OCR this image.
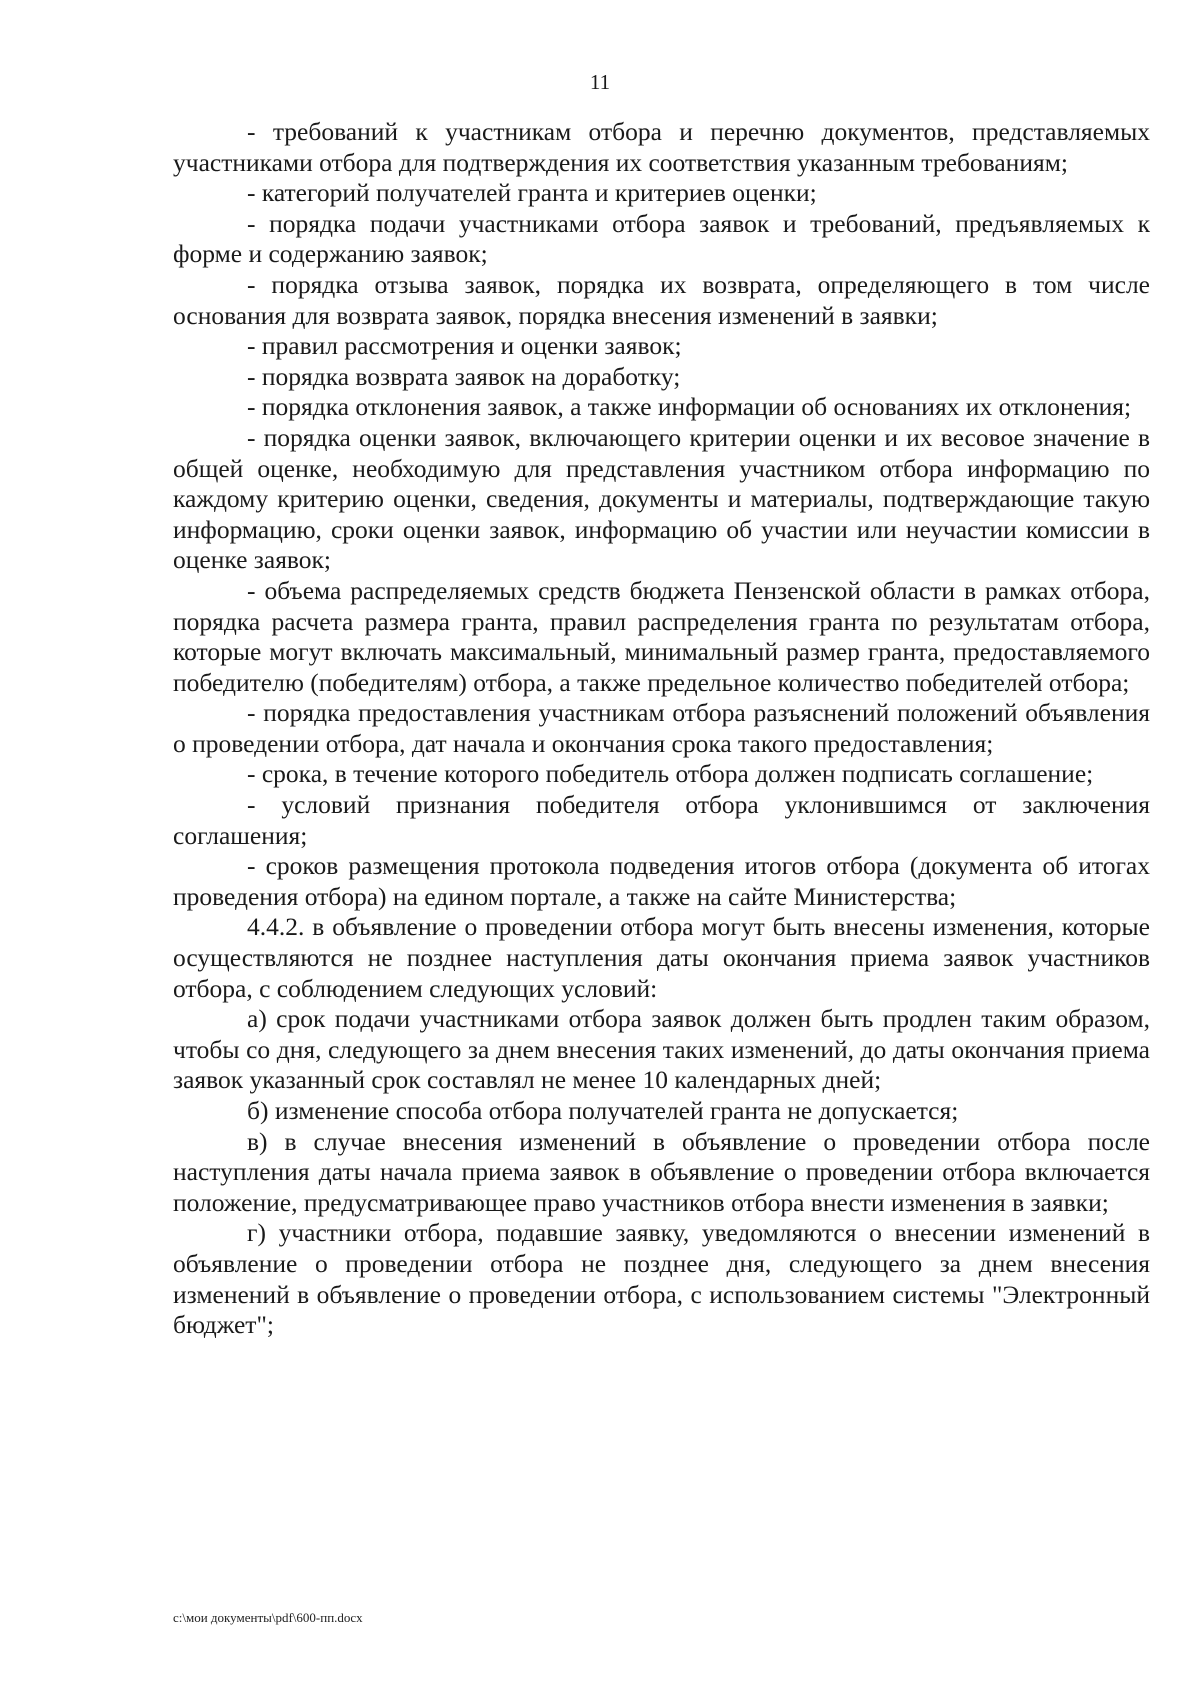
11

- требований к участникам отбора и перечню документов, представляемых участниками отбора для подтверждения их соответствия указанным требованиям;

- категорий получателей гранта и критериев оценки;

- порядка подачи участниками отбора заявок и требований, предъявляемых к форме и содержанию заявок;

- порядка отзыва заявок, порядка их возврата, определяющего в том числе основания для возврата заявок, порядка внесения изменений в заявки;

- правил рассмотрения и оценки заявок;

- порядка возврата заявок на доработку;

- порядка отклонения заявок, а также информации об основаниях их отклонения;

- порядка оценки заявок, включающего критерии оценки и их весовое значение в общей оценке, необходимую для представления участником отбора информацию по каждому критерию оценки, сведения, документы и материалы, подтверждающие такую информацию, сроки оценки заявок, информацию об участии или неучастии комиссии в оценке заявок;

- объема распределяемых средств бюджета Пензенской области в рамках отбора, порядка расчета размера гранта, правил распределения гранта по результатам отбора, которые могут включать максимальный, минимальный размер гранта, предоставляемого победителю (победителям) отбора, а также предельное количество победителей отбора;

- порядка предоставления участникам отбора разъяснений положений объявления о проведении отбора, дат начала и окончания срока такого предоставления;

- срока, в течение которого победитель отбора должен подписать соглашение;

- условий признания победителя отбора уклонившимся от заключения соглашения;

- сроков размещения протокола подведения итогов отбора (документа об итогах проведения отбора) на едином портале, а также на сайте Министерства;

4.4.2. в объявление о проведении отбора могут быть внесены изменения, которые осуществляются не позднее наступления даты окончания приема заявок участников отбора, с соблюдением следующих условий:

а) срок подачи участниками отбора заявок должен быть продлен таким образом, чтобы со дня, следующего за днем внесения таких изменений, до даты окончания приема заявок указанный срок составлял не менее 10 календарных дней;

б) изменение способа отбора получателей гранта не допускается;

в) в случае внесения изменений в объявление о проведении отбора после наступления даты начала приема заявок в объявление о проведении отбора включается положение, предусматривающее право участников отбора внести изменения в заявки;

г) участники отбора, подавшие заявку, уведомляются о внесении изменений в объявление о проведении отбора не позднее дня, следующего за днем внесения изменений в объявление о проведении отбора, с использованием системы "Электронный бюджет";

c:\мои документы\pdf\600-пп.docx
